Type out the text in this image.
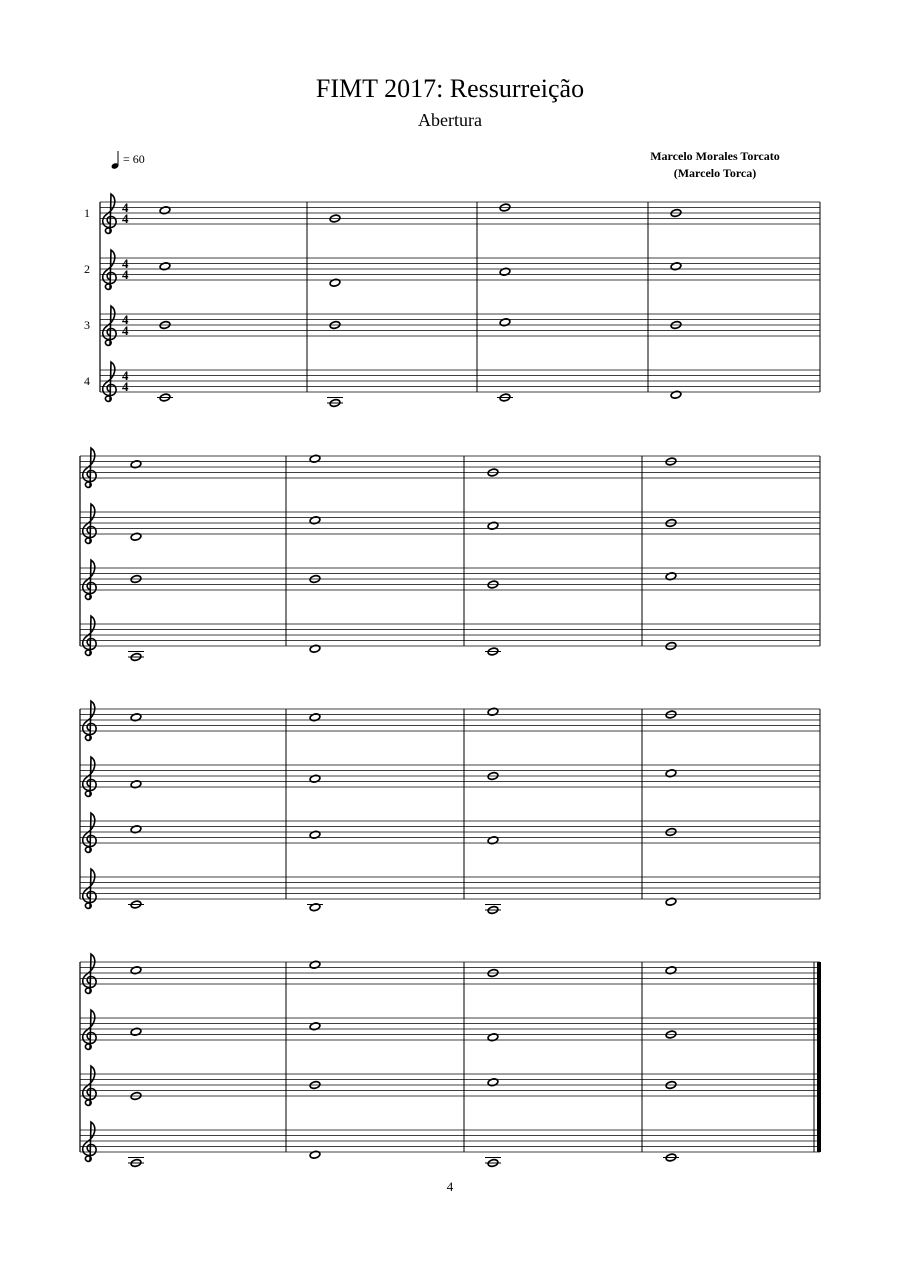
FIMT 2017: Ressurreição
Abertura
Marcelo Morales Torcato
(Marcelo Torca)
= 60
1 4
4
2 4
4
3 4
4
4 4
4
4
